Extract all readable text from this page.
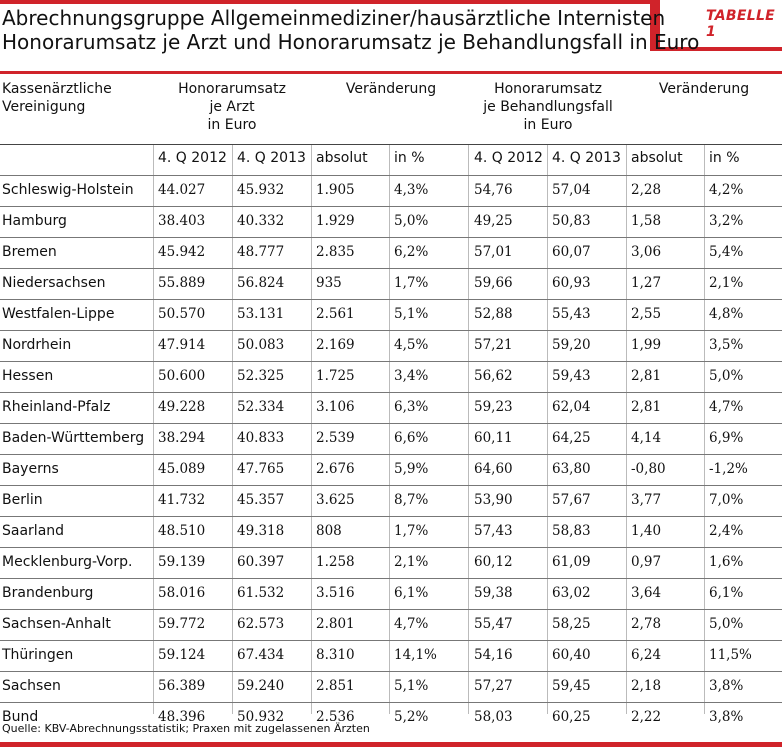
TABELLE 1
Abrechnungsgruppe Allgemeinmediziner/hausärztliche Internisten
Honorarumsatz je Arzt und Honorarumsatz je Behandlungsfall in Euro
Kassenärztliche
Vereinigung
Honorarumsatz
je Arzt
in Euro
Veränderung	Honorarumsatz
je Behandlungsfall
in Euro
Veränderung
4. Q 2012 4. Q 2013 absolut in %	4. Q 2012 4. Q 2013 absolut in %
Schleswig-Holstein 44.027 45.932 1.905	4,3%	54,76	57,04	2,28	4,2%
Hamburg	38.403 40.332 1.929	5,0%	49,25	50,83	1,58	3,2%
Bremen	45.942 48.777 2.835	6,2%	57,01	60,07	3,06	5,4%
Niedersachsen	55.889 56.824 935	1,7%	59,66	60,93	1,27	2,1%
Westfalen-Lippe	50.570 53.131 2.561	5,1%	52,88	55,43	2,55	4,8%
Nordrhein	47.914 50.083 2.169	4,5%	57,21	59,20	1,99	3,5%
Hessen	50.600 52.325 1.725	3,4%	56,62	59,43	2,81	5,0%
Rheinland-Pfalz	49.228 52.334 3.106	6,3%	59,23	62,04	2,81	4,7%
Baden-Württemberg 38.294 40.833 2.539	6,6%	60,11	64,25	4,14	6,9%
Bayerns	45.089 47.765 2.676	5,9%	64,60	63,80	-0,80	-1,2%
Berlin	41.732 45.357 3.625	8,7%	53,90	57,67	3,77	7,0%
Saarland	48.510 49.318 808	1,7%	57,43	58,83	1,40	2,4%
Mecklenburg-Vorp. 59.139 60.397 1.258	2,1%	60,12	61,09	0,97	1,6%
Brandenburg	58.016 61.532 3.516	6,1%	59,38	63,02	3,64	6,1%
Sachsen-Anhalt	59.772 62.573 2.801	4,7%	55,47	58,25	2,78	5,0%
Thüringen	59.124 67.434 8.310	14,1%	54,16	60,40	6,24	11,5%
Sachsen	56.389 59.240 2.851	5,1%	57,27	59,45	2,18	3,8%
Bund	48.396 50.932 2.536	5,2%	58,03	60,25	2,22	3,8%
Quelle: KBV-Abrechnungsstatistik; Praxen mit zugelassenen Ärzten
